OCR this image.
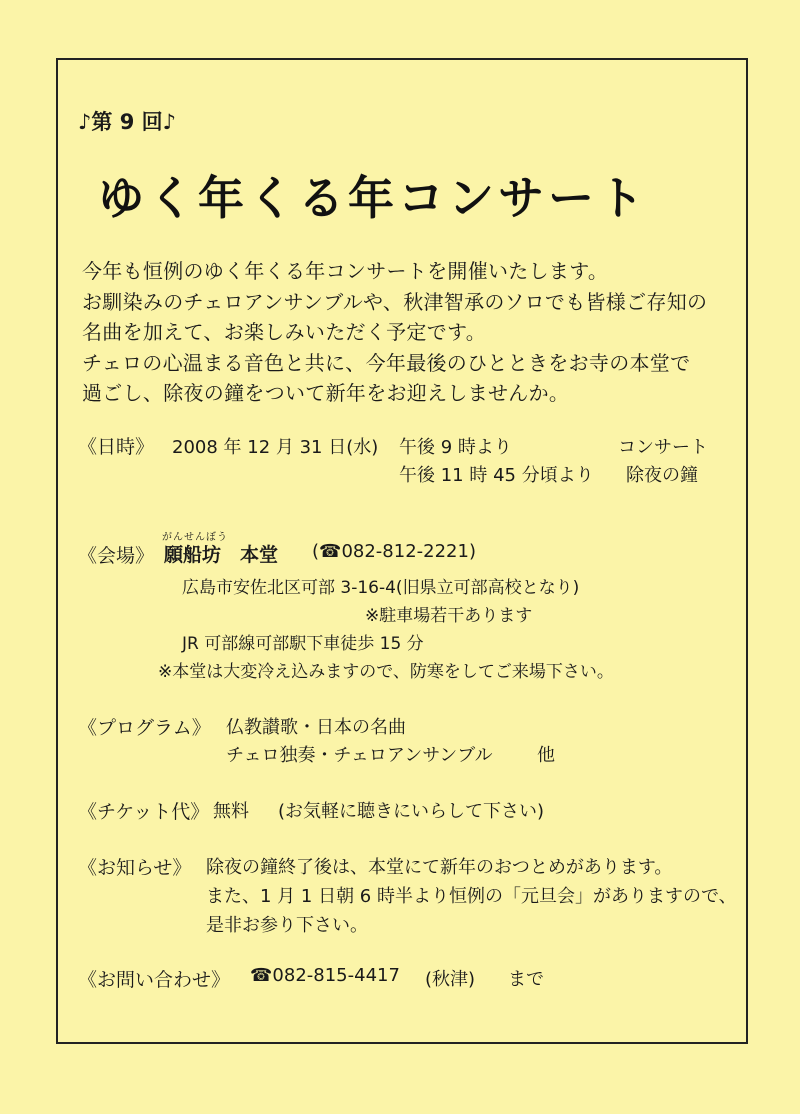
♪第 9 回♪
ゆく年くる年コンサート
今年も恒例のゆく年くる年コンサートを開催いたします。
お馴染みのチェロアンサンブルや、秋津智承のソロでも皆様ご存知の
名曲を加えて、お楽しみいただく予定です。
チェロの心温まる音色と共に、今年最後のひとときをお寺の本堂で
過ごし、除夜の鐘をついて新年をお迎えしませんか。
《日時》 2008 年 12 月 31 日(水) 午後 9 時より	コンサート
午後 11 時 45 分頃より 除夜の鐘
がんせんぼう
《会場》 願船坊　本堂 (☎082-812-2221)
広島市安佐北区可部 3-16-4(旧県立可部高校となり)
※駐車場若干あります
JR 可部線可部駅下車徒歩 15 分
※本堂は大変冷え込みますので、防寒をしてご来場下さい。
《プログラム》 仏教讃歌・日本の名曲
チェロ独奏・チェロアンサンブル 他
《チケット代》 無料 (お気軽に聴きにいらして下さい)
《お知らせ》 除夜の鐘終了後は、本堂にて新年のおつとめがあります。
また、1 月 1 日朝 6 時半より恒例の「元旦会」がありますので、
是非お参り下さい。
《お問い合わせ》 ☎082-815-4417 (秋津) まで
